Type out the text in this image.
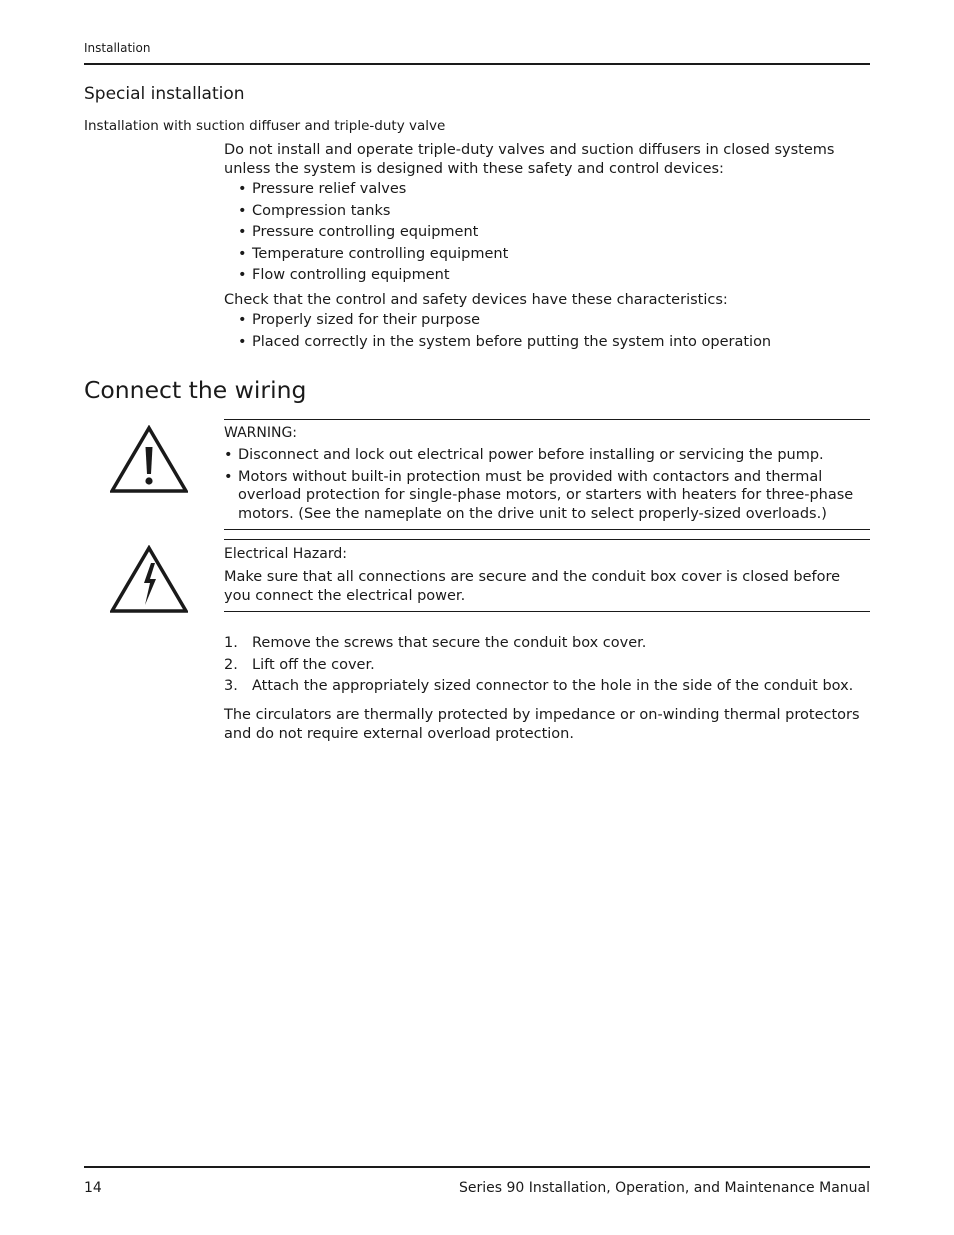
Installation
Special installation
Installation with suction diffuser and triple-duty valve
Do not install and operate triple-duty valves and suction diffusers in closed systems unless the system is designed with these safety and control devices:
• Pressure relief valves
• Compression tanks
• Pressure controlling equipment
• Temperature controlling equipment
• Flow controlling equipment
Check that the control and safety devices have these characteristics:
• Properly sized for their purpose
• Placed correctly in the system before putting the system into operation
Connect the wiring
WARNING:
• Disconnect and lock out electrical power before installing or servicing the pump.
• Motors without built-in protection must be provided with contactors and thermal overload protection for single-phase motors, or starters with heaters for three-phase motors. (See the nameplate on the drive unit to select properly-sized overloads.)
Electrical Hazard:
Make sure that all connections are secure and the conduit box cover is closed before you connect the electrical power.
1. Remove the screws that secure the conduit box cover.
2. Lift off the cover.
3. Attach the appropriately sized connector to the hole in the side of the conduit box.
The circulators are thermally protected by impedance or on-winding thermal protectors and do not require external overload protection.
14	Series 90 Installation, Operation, and Maintenance Manual
